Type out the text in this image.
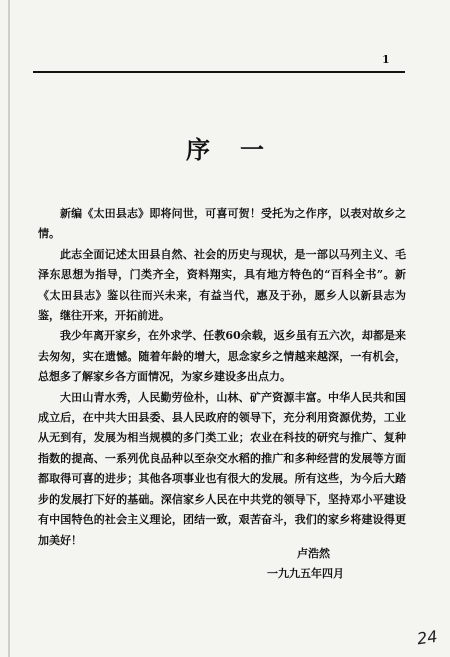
1
序一

新编《太田县志》即将问世，可喜可贺！受托为之作序，以表对故乡之情。

此志全面记述太田县自然、社会的历史与现状，是一部以马列主义、毛泽东思想为指导，门类齐全，资料翔实，具有地方特色的“百科全书”。新《太田县志》鉴以往而兴未来，有益当代，惠及于孙，愿乡人以新县志为鉴，继往开来，开拓前进。

我少年离开家乡，在外求学、任教60余载，返乡虽有五六次，却都是来去匆匆，实在遗憾。随着年龄的增大，思念家乡之情越来越深，一有机会，总想多了解家乡各方面情况，为家乡建设多出点力。

大田山青水秀，人民勤劳俭朴，山林、矿产资源丰富。中华人民共和国成立后，在中共大田县委、县人民政府的领导下，充分利用资源优势，工业从无到有，发展为相当规模的多门类工业；农业在科技的研究与推广、复种指数的提高、一系列优良品种以至杂交水稻的推广和多种经营的发展等方面都取得可喜的进步；其他各项事业也有很大的发展。所有这些，为今后大踏步的发展打下好的基础。深信家乡人民在中共党的领导下，坚持邓小平建设有中国特色的社会主义理论，团结一致，艰苦奋斗，我们的家乡将建设得更加美好！

卢浩然
一九九五年四月
24
